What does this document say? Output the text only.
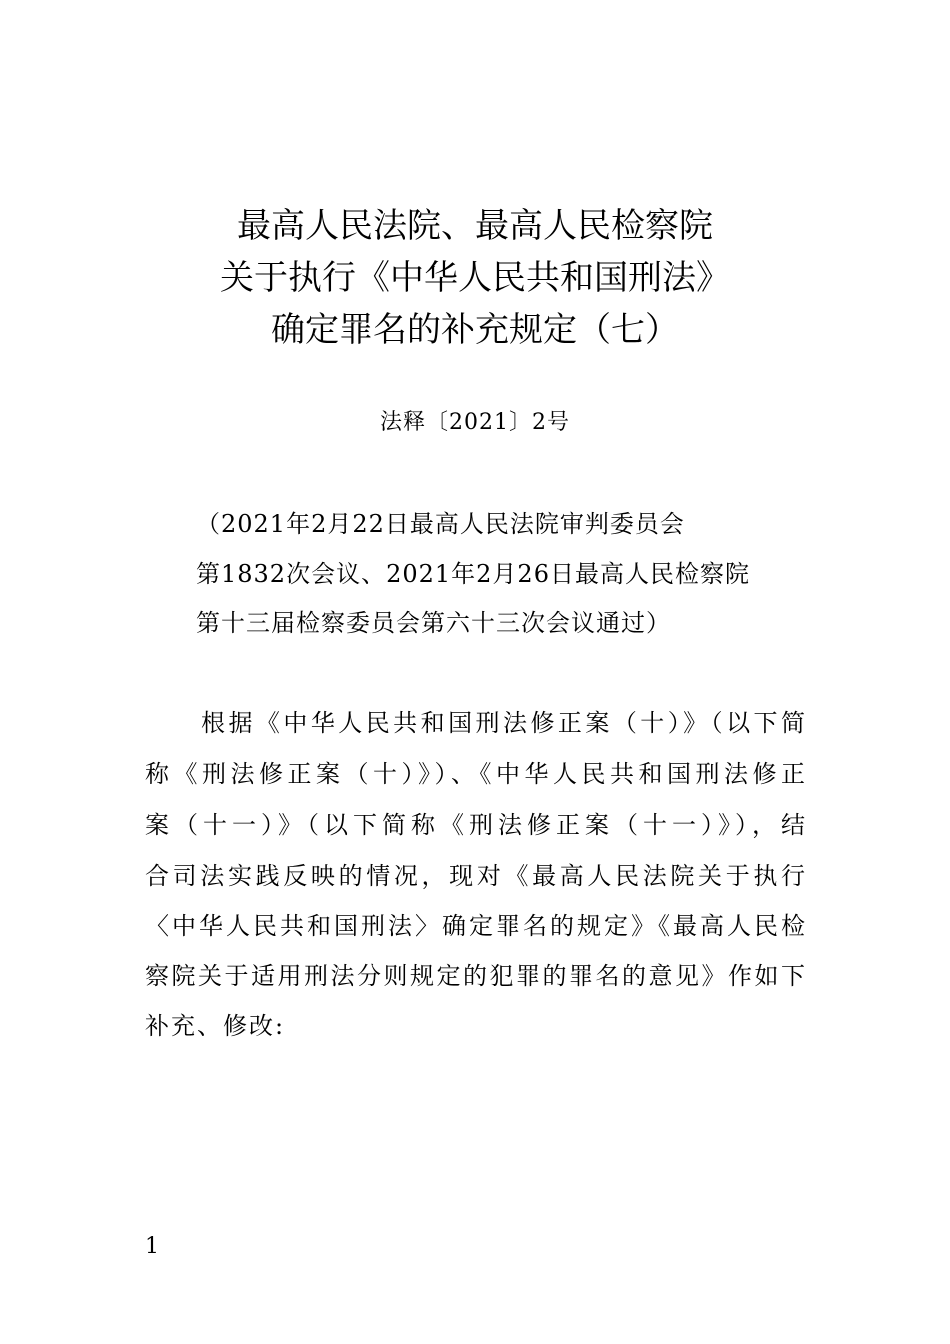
最高人民法院、最高人民检察院
关于执行《中华人民共和国刑法》
确定罪名的补充规定（七）
法释〔2021〕2号
（2021年2月22日最高人民法院审判委员会
第1832次会议、2021年2月26日最高人民检察院
第十三届检察委员会第六十三次会议通过）
根据《中华人民共和国刑法修正案（十）》（以下简
称《刑法修正案（十）》）、《中华人民共和国刑法修正
案（十一）》（以下简称《刑法修正案（十一）》），结
合司法实践反映的情况，现对《最高人民法院关于执行
〈中华人民共和国刑法〉确定罪名的规定》《最高人民检
察院关于适用刑法分则规定的犯罪的罪名的意见》作如下
补充、修改:
1
